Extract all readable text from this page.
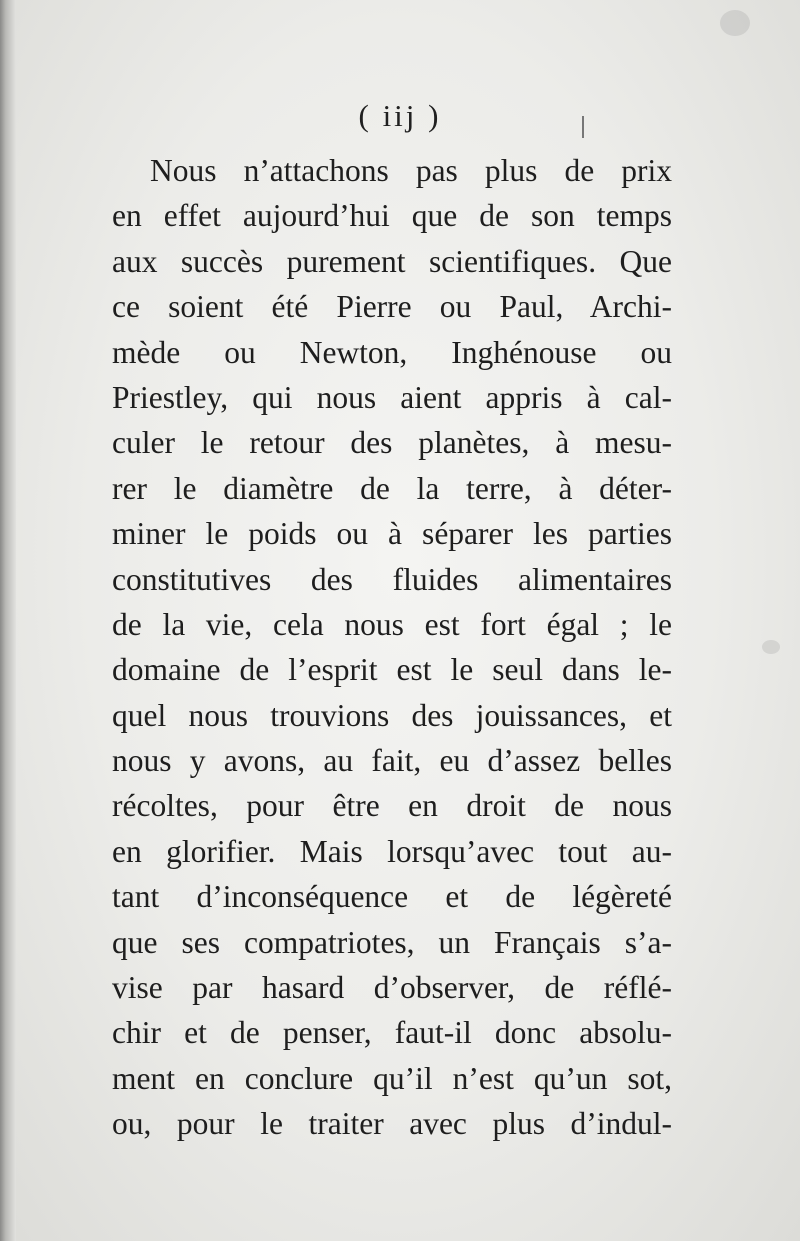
( iij )
Nous n’attachons pas plus de prix
en effet aujourd’hui que de son temps
aux succès purement scientifiques. Que
ce soient été Pierre ou Paul, Archi-
mède ou Newton, Inghénouse ou
Priestley, qui nous aient appris à cal-
culer le retour des planètes, à mesu-
rer le diamètre de la terre, à déter-
miner le poids ou à séparer les parties
constitutives des fluides alimentaires
de la vie, cela nous est fort égal ; le
domaine de l’esprit est le seul dans le-
quel nous trouvions des jouissances, et
nous y avons, au fait, eu d’assez belles
récoltes, pour être en droit de nous
en glorifier. Mais lorsqu’avec tout au-
tant d’inconséquence et de légèreté
que ses compatriotes, un Français s’a-
vise par hasard d’observer, de réflé-
chir et de penser, faut-il donc absolu-
ment en conclure qu’il n’est qu’un sot,
ou, pour le traiter avec plus d’indul-
